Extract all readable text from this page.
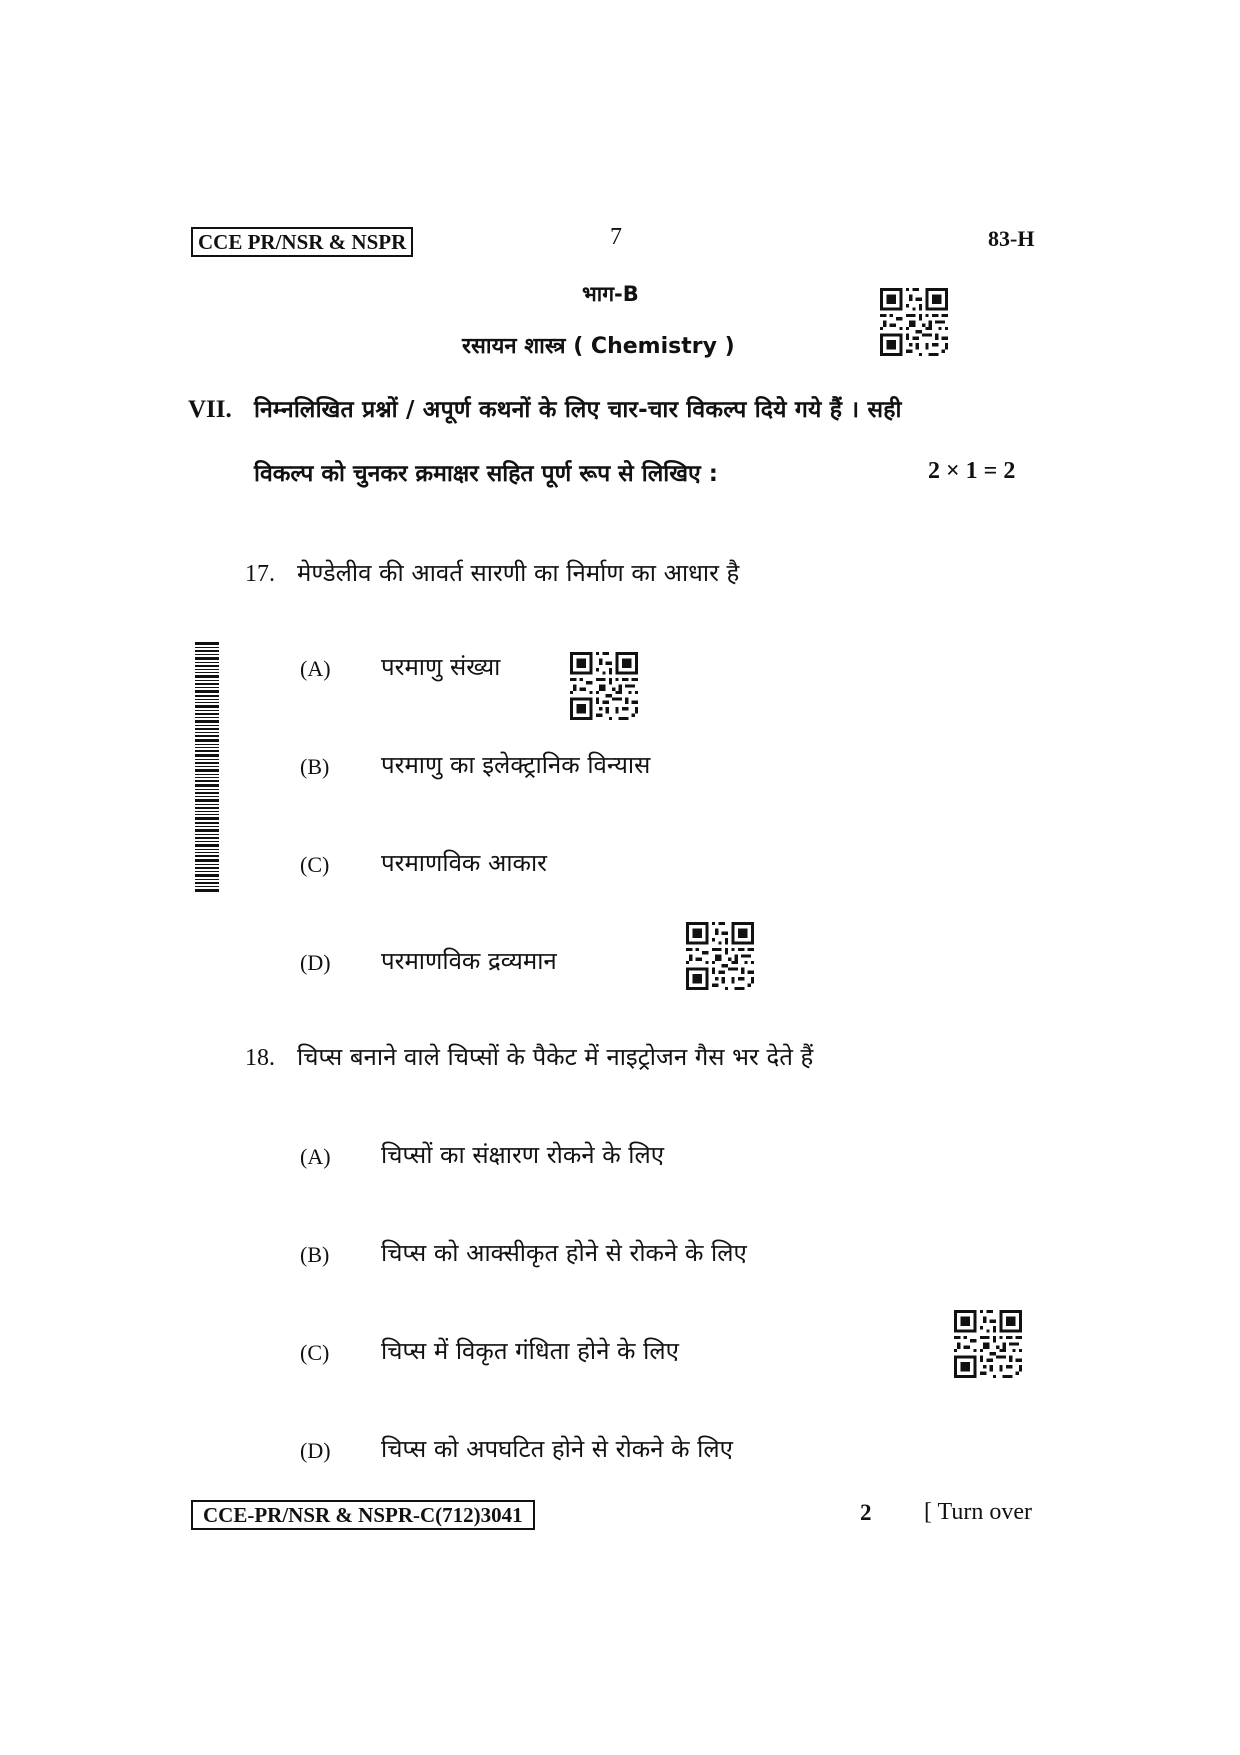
CCE PR/NSR & NSPR	7	83-H
भाग-B
रसायन शास्त्र ( Chemistry )
VII. निम्नलिखित प्रश्नों / अपूर्ण कथनों के लिए चार-चार विकल्प दिये गये हैं । सही
विकल्प को चुनकर क्रमाक्षर सहित पूर्ण रूप से लिखिए :	2 × 1 = 2
17. मेण्डेलीव की आवर्त सारणी का निर्माण का आधार है
(A) परमाणु संख्या
(B) परमाणु का इलेक्ट्रानिक विन्यास
(C) परमाणविक आकार
(D) परमाणविक द्रव्यमान
18. चिप्स बनाने वाले चिप्सों के पैकेट में नाइट्रोजन गैस भर देते हैं
(A) चिप्सों का संक्षारण रोकने के लिए
(B) चिप्स को आक्सीकृत होने से रोकने के लिए
(C) चिप्स में विकृत गंधिता होने के लिए
(D) चिप्स को अपघटित होने से रोकने के लिए
CCE-PR/NSR & NSPR-C(712)3041	2 [ Turn over
